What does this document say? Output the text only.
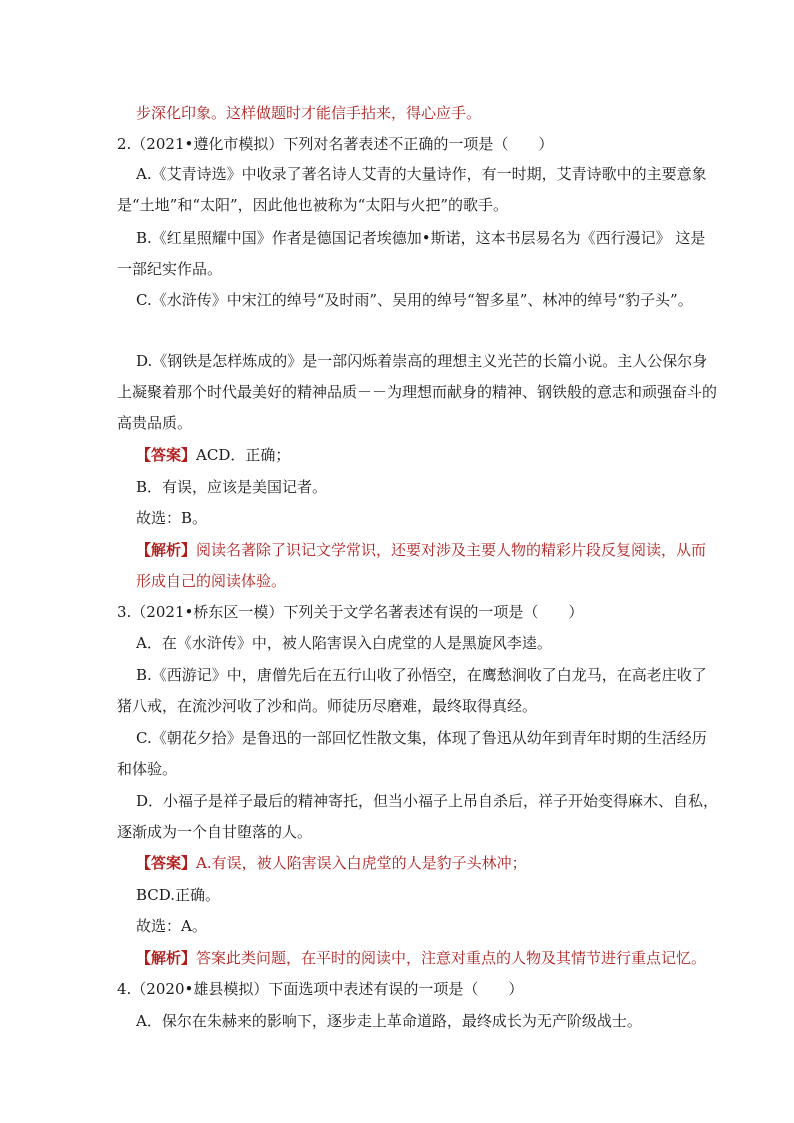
步深化印象。这样做题时才能信手拈来，得心应手。
2.（2021•遵化市模拟）下列对名著表述不正确的一项是（　　）
A.《艾青诗选》中收录了著名诗人艾青的大量诗作，有一时期，艾青诗歌中的主要意象
是“土地”和“太阳”，因此他也被称为“太阳与火把”的歌手。
B.《红星照耀中国》作者是德国记者埃德加•斯诺，这本书层易名为《西行漫记》 这是
一部纪实作品。
C.《水浒传》中宋江的绰号“及时雨”、吴用的绰号“智多星”、林冲的绰号“豹子头”。
D.《钢铁是怎样炼成的》是一部闪烁着崇高的理想主义光芒的长篇小说。主人公保尔身
上凝聚着那个时代最美好的精神品质－－为理想而献身的精神、钢铁般的意志和顽强奋斗的
高贵品质。
【答案】ACD．正确；
B．有误，应该是美国记者。
故选：B。
【解析】阅读名著除了识记文学常识，还要对涉及主要人物的精彩片段反复阅读，从而
形成自己的阅读体验。
3.（2021•桥东区一模）下列关于文学名著表述有误的一项是（　　）
A．在《水浒传》中，被人陷害误入白虎堂的人是黑旋风李逵。
B.《西游记》中，唐僧先后在五行山收了孙悟空，在鹰愁涧收了白龙马，在高老庄收了
猪八戒，在流沙河收了沙和尚。师徒历尽磨难，最终取得真经。
C.《朝花夕拾》是鲁迅的一部回忆性散文集，体现了鲁迅从幼年到青年时期的生活经历
和体验。
D．小福子是祥子最后的精神寄托，但当小福子上吊自杀后，祥子开始变得麻木、自私，
逐渐成为一个自甘堕落的人。
【答案】A.有误，被人陷害误入白虎堂的人是豹子头林冲；
BCD.正确。
故选：A。
【解析】答案此类问题，在平时的阅读中，注意对重点的人物及其情节进行重点记忆。
4.（2020•雄县模拟）下面选项中表述有误的一项是（　　）
A．保尔在朱赫来的影响下，逐步走上革命道路，最终成长为无产阶级战士。
